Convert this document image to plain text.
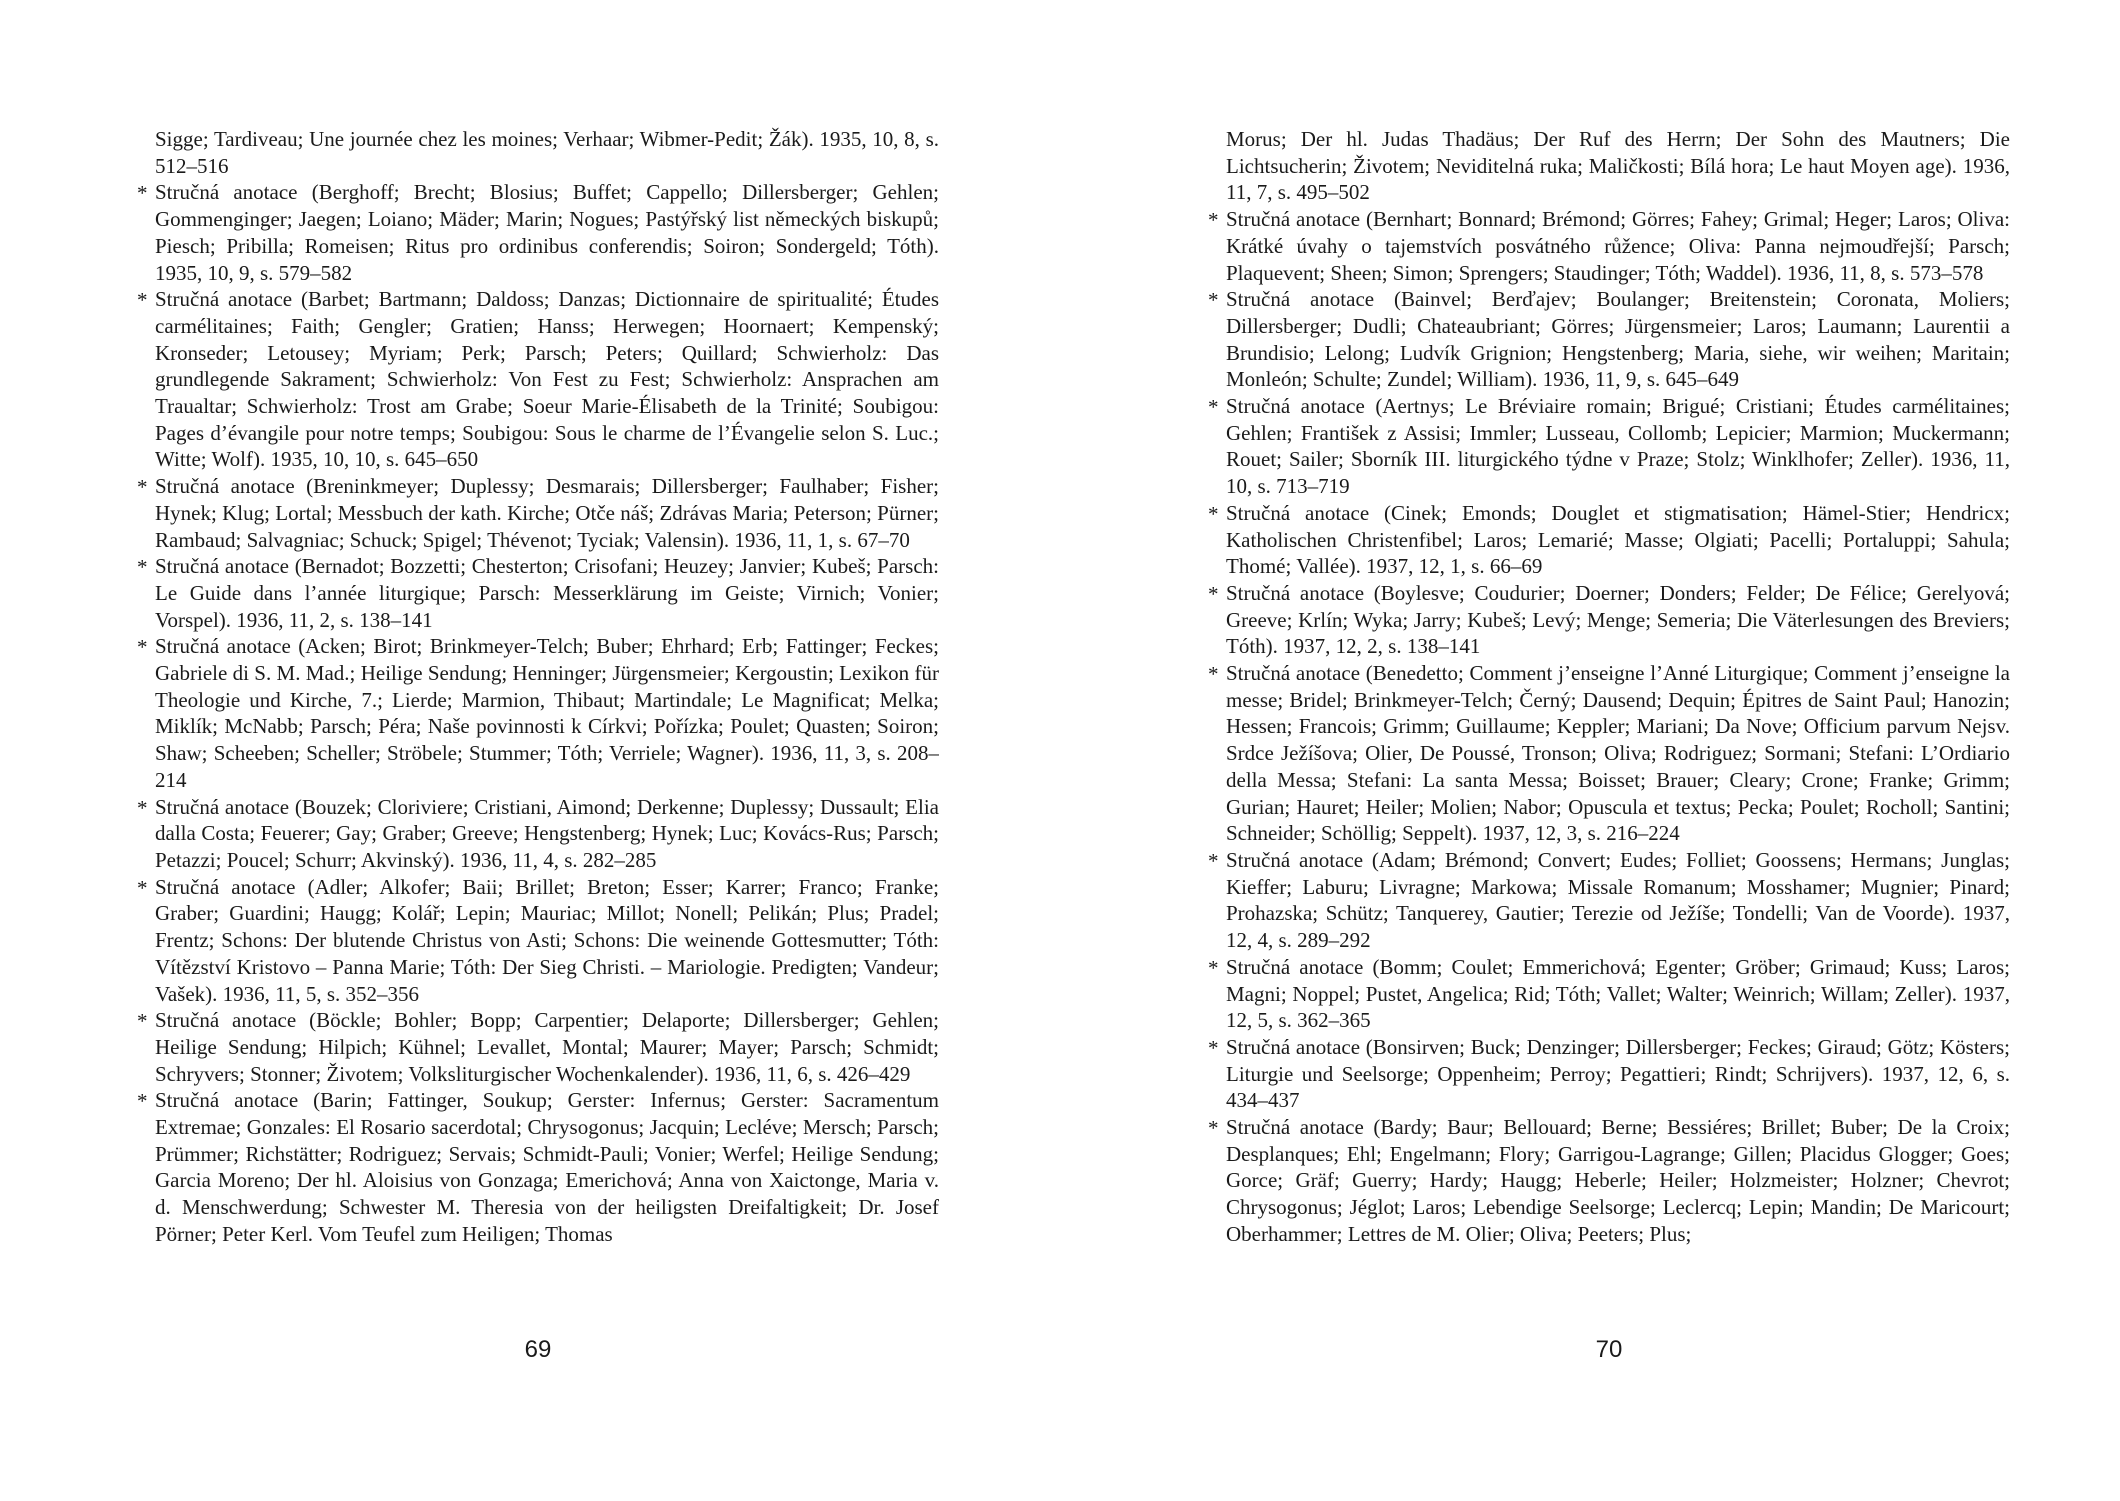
Sigge; Tardiveau; Une journée chez les moines; Verhaar; Wibmer-Pedit; Žák). 1935, 10, 8, s. 512–516
* Stručná anotace (Berghoff; Brecht; Blosius; Buffet; Cappello; Dillersberger; Gehlen; Gommenginger; Jaegen; Loiano; Mäder; Marin; Nogues; Pastýřský list německých biskupů; Piesch; Pribilla; Romeisen; Ritus pro ordinibus conferendis; Soiron; Sondergeld; Tóth). 1935, 10, 9, s. 579–582
* Stručná anotace (Barbet; Bartmann; Daldoss; Danzas; Dictionnaire de spiritualité; Études carmélitaines; Faith; Gengler; Gratien; Hanss; Herwegen; Hoornaert; Kempenský; Kronseder; Letousey; Myriam; Perk; Parsch; Peters; Quillard; Schwierholz: Das grundlegende Sakrament; Schwierholz: Von Fest zu Fest; Schwierholz: Ansprachen am Traualtar; Schwierholz: Trost am Grabe; Soeur Marie-Élisabeth de la Trinité; Soubigou: Pages d’évangile pour notre temps; Soubigou: Sous le charme de l’Évangelie selon S. Luc.; Witte; Wolf). 1935, 10, 10, s. 645–650
* Stručná anotace (Breninkmeyer; Duplessy; Desmarais; Dillersberger; Faulhaber; Fisher; Hynek; Klug; Lortal; Messbuch der kath. Kirche; Otče náš; Zdrávas Maria; Peterson; Pürner; Rambaud; Salvagniac; Schuck; Spigel; Thévenot; Tyciak; Valensin). 1936, 11, 1, s. 67–70
* Stručná anotace (Bernadot; Bozzetti; Chesterton; Crisofani; Heuzey; Janvier; Kubeš; Parsch: Le Guide dans l’année liturgique; Parsch: Messerklärung im Geiste; Virnich; Vonier; Vorspel). 1936, 11, 2, s. 138–141
* Stručná anotace (Acken; Birot; Brinkmeyer-Telch; Buber; Ehrhard; Erb; Fattinger; Feckes; Gabriele di S. M. Mad.; Heilige Sendung; Henninger; Jürgensmeier; Kergoustin; Lexikon für Theologie und Kirche, 7.; Lierde; Marmion, Thibaut; Martindale; Le Magnificat; Melka; Miklík; McNabb; Parsch; Péra; Naše povinnosti k Církvi; Pořízka; Poulet; Quasten; Soiron; Shaw; Scheeben; Scheller; Ströbele; Stummer; Tóth; Verriele; Wagner). 1936, 11, 3, s. 208–214
* Stručná anotace (Bouzek; Cloriviere; Cristiani, Aimond; Derkenne; Duplessy; Dussault; Elia dalla Costa; Feuerer; Gay; Graber; Greeve; Hengstenberg; Hynek; Luc; Kovács-Rus; Parsch; Petazzi; Poucel; Schurr; Akvinský). 1936, 11, 4, s. 282–285
* Stručná anotace (Adler; Alkofer; Baii; Brillet; Breton; Esser; Karrer; Franco; Franke; Graber; Guardini; Haugg; Kolář; Lepin; Mauriac; Millot; Nonell; Pelikán; Plus; Pradel; Frentz; Schons: Der blutende Christus von Asti; Schons: Die weinende Gottesmutter; Tóth: Vítězství Kristovo – Panna Marie; Tóth: Der Sieg Christi. – Mariologie. Predigten; Vandeur; Vašek). 1936, 11, 5, s. 352–356
* Stručná anotace (Böckle; Bohler; Bopp; Carpentier; Delaporte; Dillersberger; Gehlen; Heilige Sendung; Hilpich; Kühnel; Levallet, Montal; Maurer; Mayer; Parsch; Schmidt; Schryvers; Stonner; Životem; Volksliturgischer Wochenkalender). 1936, 11, 6, s. 426–429
* Stručná anotace (Barin; Fattinger, Soukup; Gerster: Infernus; Gerster: Sacramentum Extremae; Gonzales: El Rosario sacerdotal; Chrysogonus; Jacquin; Lecléve; Mersch; Parsch; Prümmer; Richstätter; Rodriguez; Servais; Schmidt-Pauli; Vonier; Werfel; Heilige Sendung; Garcia Moreno; Der hl. Aloisius von Gonzaga; Emerichová; Anna von Xaictonge, Maria v. d. Menschwerdung; Schwester M. Theresia von der heiligsten Dreifaltigkeit; Dr. Josef Pörner; Peter Kerl. Vom Teufel zum Heiligen; Thomas
69
Morus; Der hl. Judas Thadäus; Der Ruf des Herrn; Der Sohn des Mautners; Die Lichtsucherin; Životem; Neviditelná ruka; Maličkosti; Bílá hora; Le haut Moyen age). 1936, 11, 7, s. 495–502
* Stručná anotace (Bernhart; Bonnard; Brémond; Görres; Fahey; Grimal; Heger; Laros; Oliva: Krátké úvahy o tajemstvích posvátného růžence; Oliva: Panna nejmoudřejší; Parsch; Plaquevent; Sheen; Simon; Sprengers; Staudinger; Tóth; Waddel). 1936, 11, 8, s. 573–578
* Stručná anotace (Bainvel; Berďajev; Boulanger; Breitenstein; Coronata, Moliers; Dillersberger; Dudli; Chateaubriant; Görres; Jürgensmeier; Laros; Laumann; Laurentii a Brundisio; Lelong; Ludvík Grignion; Hengstenberg; Maria, siehe, wir weihen; Maritain; Monleón; Schulte; Zundel; William). 1936, 11, 9, s. 645–649
* Stručná anotace (Aertnys; Le Bréviaire romain; Brigué; Cristiani; Études carmélitaines; Gehlen; František z Assisi; Immler; Lusseau, Collomb; Lepicier; Marmion; Muckermann; Rouet; Sailer; Sborník III. liturgického týdne v Praze; Stolz; Winklhofer; Zeller). 1936, 11, 10, s. 713–719
* Stručná anotace (Cinek; Emonds; Douglet et stigmatisation; Hämel-Stier; Hendricx; Katholischen Christenfibel; Laros; Lemarié; Masse; Olgiati; Pacelli; Portaluppi; Sahula; Thomé; Vallée). 1937, 12, 1, s. 66–69
* Stručná anotace (Boylesve; Coudurier; Doerner; Donders; Felder; De Félice; Gerelyová; Greeve; Krlín; Wyka; Jarry; Kubeš; Levý; Menge; Semeria; Die Väterlesungen des Breviers; Tóth). 1937, 12, 2, s. 138–141
* Stručná anotace (Benedetto; Comment j’enseigne l’Anné Liturgique; Comment j’enseigne la messe; Bridel; Brinkmeyer-Telch; Černý; Dausend; Dequin; Épitres de Saint Paul; Hanozin; Hessen; Francois; Grimm; Guillaume; Keppler; Mariani; Da Nove; Officium parvum Nejsv. Srdce Ježíšova; Olier, De Poussé, Tronson; Oliva; Rodriguez; Sormani; Stefani: L’Ordiario della Messa; Stefani: La santa Messa; Boisset; Brauer; Cleary; Crone; Franke; Grimm; Gurian; Hauret; Heiler; Molien; Nabor; Opuscula et textus; Pecka; Poulet; Rocholl; Santini; Schneider; Schöllig; Seppelt). 1937, 12, 3, s. 216–224
* Stručná anotace (Adam; Brémond; Convert; Eudes; Folliet; Goossens; Hermans; Junglas; Kieffer; Laburu; Livragne; Markowa; Missale Romanum; Mosshamer; Mugnier; Pinard; Prohazska; Schütz; Tanquerey, Gautier; Terezie od Ježíše; Tondelli; Van de Voorde). 1937, 12, 4, s. 289–292
* Stručná anotace (Bomm; Coulet; Emmerichová; Egenter; Gröber; Grimaud; Kuss; Laros; Magni; Noppel; Pustet, Angelica; Rid; Tóth; Vallet; Walter; Weinrich; Willam; Zeller). 1937, 12, 5, s. 362–365
* Stručná anotace (Bonsirven; Buck; Denzinger; Dillersberger; Feckes; Giraud; Götz; Kösters; Liturgie und Seelsorge; Oppenheim; Perroy; Pegattieri; Rindt; Schrijvers). 1937, 12, 6, s. 434–437
* Stručná anotace (Bardy; Baur; Bellouard; Berne; Bessiéres; Brillet; Buber; De la Croix; Desplanques; Ehl; Engelmann; Flory; Garrigou-Lagrange; Gillen; Placidus Glogger; Goes; Gorce; Gräf; Guerry; Hardy; Haugg; Heberle; Heiler; Holzmeister; Holzner; Chevrot; Chrysogonus; Jéglot; Laros; Lebendige Seelsorge; Leclercq; Lepin; Mandin; De Maricourt; Oberhammer; Lettres de M. Olier; Oliva; Peeters; Plus;
70
